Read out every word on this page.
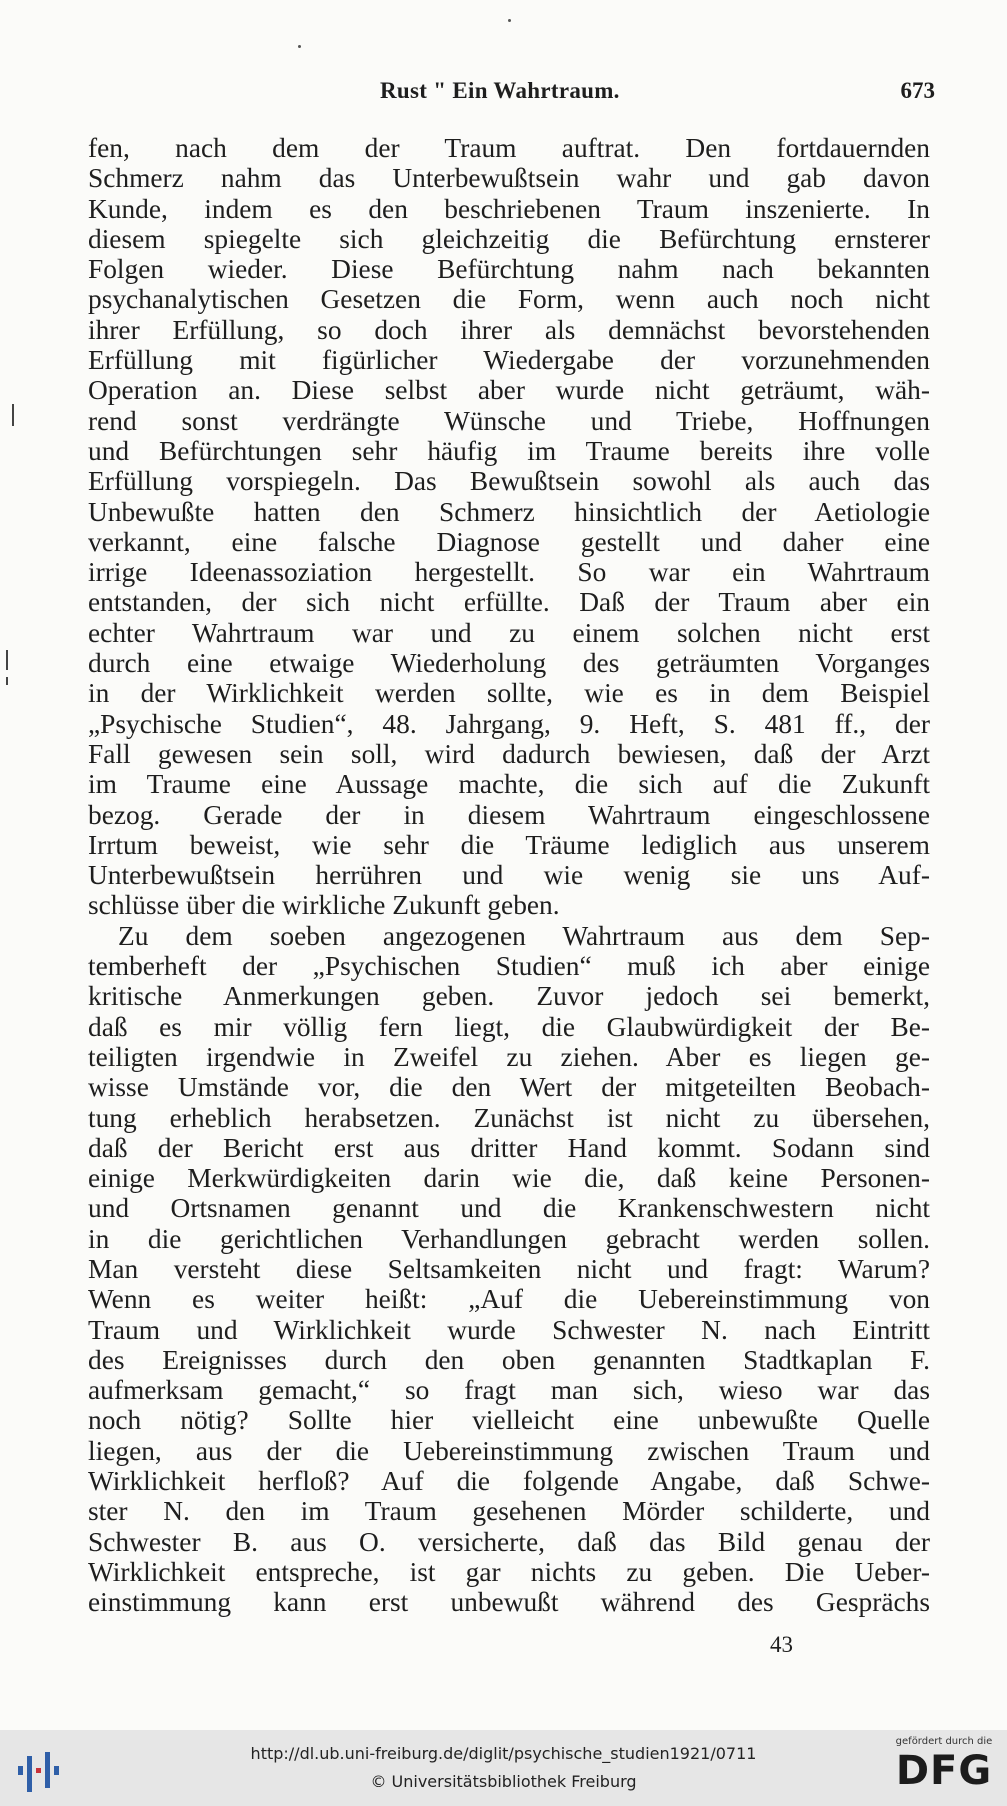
Rust " Ein Wahrtraum.	673
fen, nach dem der Traum auftrat. Den fortdauernden
Schmerz nahm das Unterbewußtsein wahr und gab davon
Kunde, indem es den beschriebenen Traum inszenierte. In
diesem spiegelte sich gleichzeitig die Befürchtung ernsterer
Folgen wieder. Diese Befürchtung nahm nach bekannten
psychanalytischen Gesetzen die Form, wenn auch noch nicht
ihrer Erfüllung, so doch ihrer als demnächst bevorstehenden
Erfüllung mit figürlicher Wiedergabe der vorzunehmenden
Operation an. Diese selbst aber wurde nicht geträumt, wäh-
rend sonst verdrängte Wünsche und Triebe, Hoffnungen
und Befürchtungen sehr häufig im Traume bereits ihre volle
Erfüllung vorspiegeln. Das Bewußtsein sowohl als auch das
Unbewußte hatten den Schmerz hinsichtlich der Aetiologie
verkannt, eine falsche Diagnose gestellt und daher eine
irrige Ideenassoziation hergestellt. So war ein Wahrtraum
entstanden, der sich nicht erfüllte. Daß der Traum aber ein
echter Wahrtraum war und zu einem solchen nicht erst
durch eine etwaige Wiederholung des geträumten Vorganges
in der Wirklichkeit werden sollte, wie es in dem Beispiel
„Psychische Studien“, 48. Jahrgang, 9. Heft, S. 481 ff., der
Fall gewesen sein soll, wird dadurch bewiesen, daß der Arzt
im Traume eine Aussage machte, die sich auf die Zukunft
bezog. Gerade der in diesem Wahrtraum eingeschlossene
Irrtum beweist, wie sehr die Träume lediglich aus unserem
Unterbewußtsein herrühren und wie wenig sie uns Auf-
schlüsse über die wirkliche Zukunft geben.
Zu dem soeben angezogenen Wahrtraum aus dem Sep-
temberheft der „Psychischen Studien“ muß ich aber einige
kritische Anmerkungen geben. Zuvor jedoch sei bemerkt,
daß es mir völlig fern liegt, die Glaubwürdigkeit der Be-
teiligten irgendwie in Zweifel zu ziehen. Aber es liegen ge-
wisse Umstände vor, die den Wert der mitgeteilten Beobach-
tung erheblich herabsetzen. Zunächst ist nicht zu übersehen,
daß der Bericht erst aus dritter Hand kommt. Sodann sind
einige Merkwürdigkeiten darin wie die, daß keine Personen-
und Ortsnamen genannt und die Krankenschwestern nicht
in die gerichtlichen Verhandlungen gebracht werden sollen.
Man versteht diese Seltsamkeiten nicht und fragt: Warum?
Wenn es weiter heißt: „Auf die Uebereinstimmung von
Traum und Wirklichkeit wurde Schwester N. nach Eintritt
des Ereignisses durch den oben genannten Stadtkaplan F.
aufmerksam gemacht,“ so fragt man sich, wieso war das
noch nötig? Sollte hier vielleicht eine unbewußte Quelle
liegen, aus der die Uebereinstimmung zwischen Traum und
Wirklichkeit herfloß? Auf die folgende Angabe, daß Schwe-
ster N. den im Traum gesehenen Mörder schilderte, und
Schwester B. aus O. versicherte, daß das Bild genau der
Wirklichkeit entspreche, ist gar nichts zu geben. Die Ueber-
einstimmung kann erst unbewußt während des Gesprächs
43
http://dl.ub.uni-freiburg.de/diglit/psychische_studien1921/0711
© Universitätsbibliothek Freiburg
gefördert durch die
DFG
